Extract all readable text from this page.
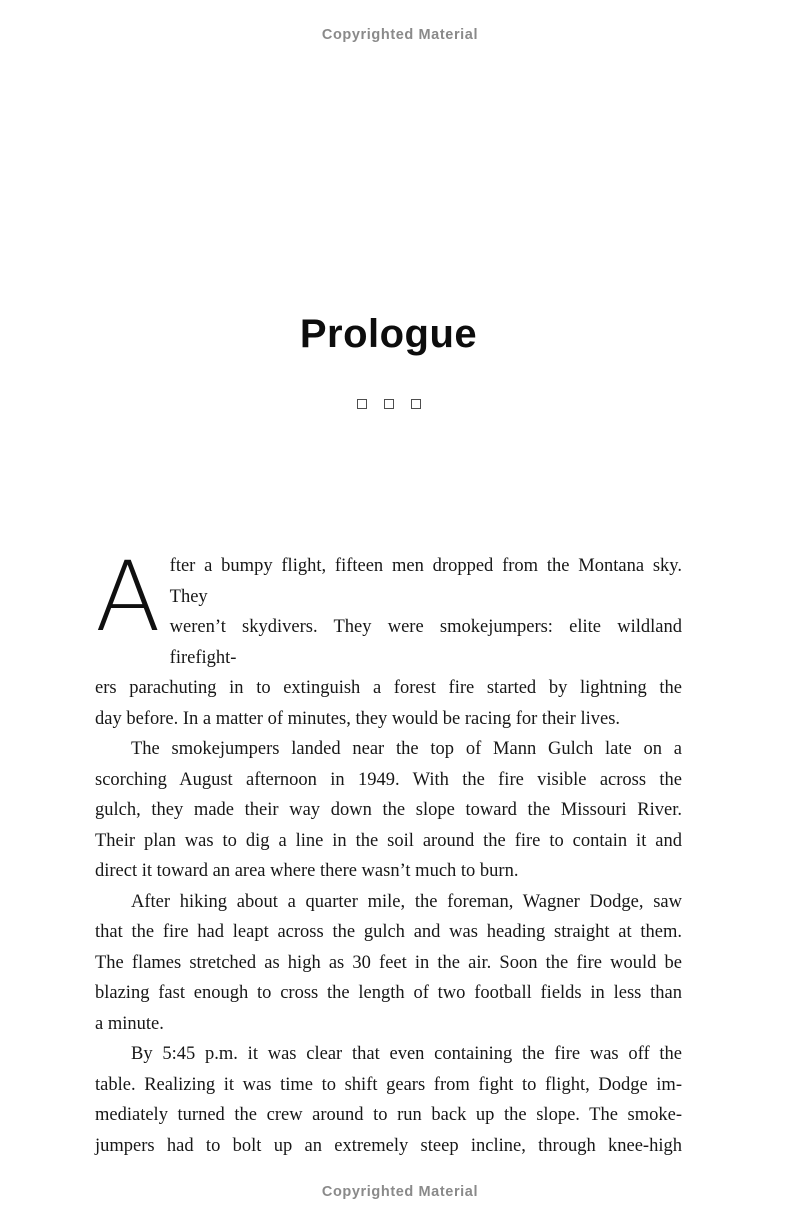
Copyrighted Material
Prologue

A fter a bumpy flight, fifteen men dropped from the Montana sky. They
weren’t skydivers. They were smokejumpers: elite wildland firefight-
ers parachuting in to extinguish a forest fire started by lightning the
day before. In a matter of minutes, they would be racing for their lives.
The smokejumpers landed near the top of Mann Gulch late on a
scorching August afternoon in 1949. With the fire visible across the
gulch, they made their way down the slope toward the Missouri River.
Their plan was to dig a line in the soil around the fire to contain it and
direct it toward an area where there wasn’t much to burn.
After hiking about a quarter mile, the foreman, Wagner Dodge, saw
that the fire had leapt across the gulch and was heading straight at them.
The flames stretched as high as 30 feet in the air. Soon the fire would be
blazing fast enough to cross the length of two football fields in less than
a minute.
By 5:45 p.m. it was clear that even containing the fire was off the
table. Realizing it was time to shift gears from fight to flight, Dodge im-
mediately turned the crew around to run back up the slope. The smoke-
jumpers had to bolt up an extremely steep incline, through knee-high
Copyrighted Material
